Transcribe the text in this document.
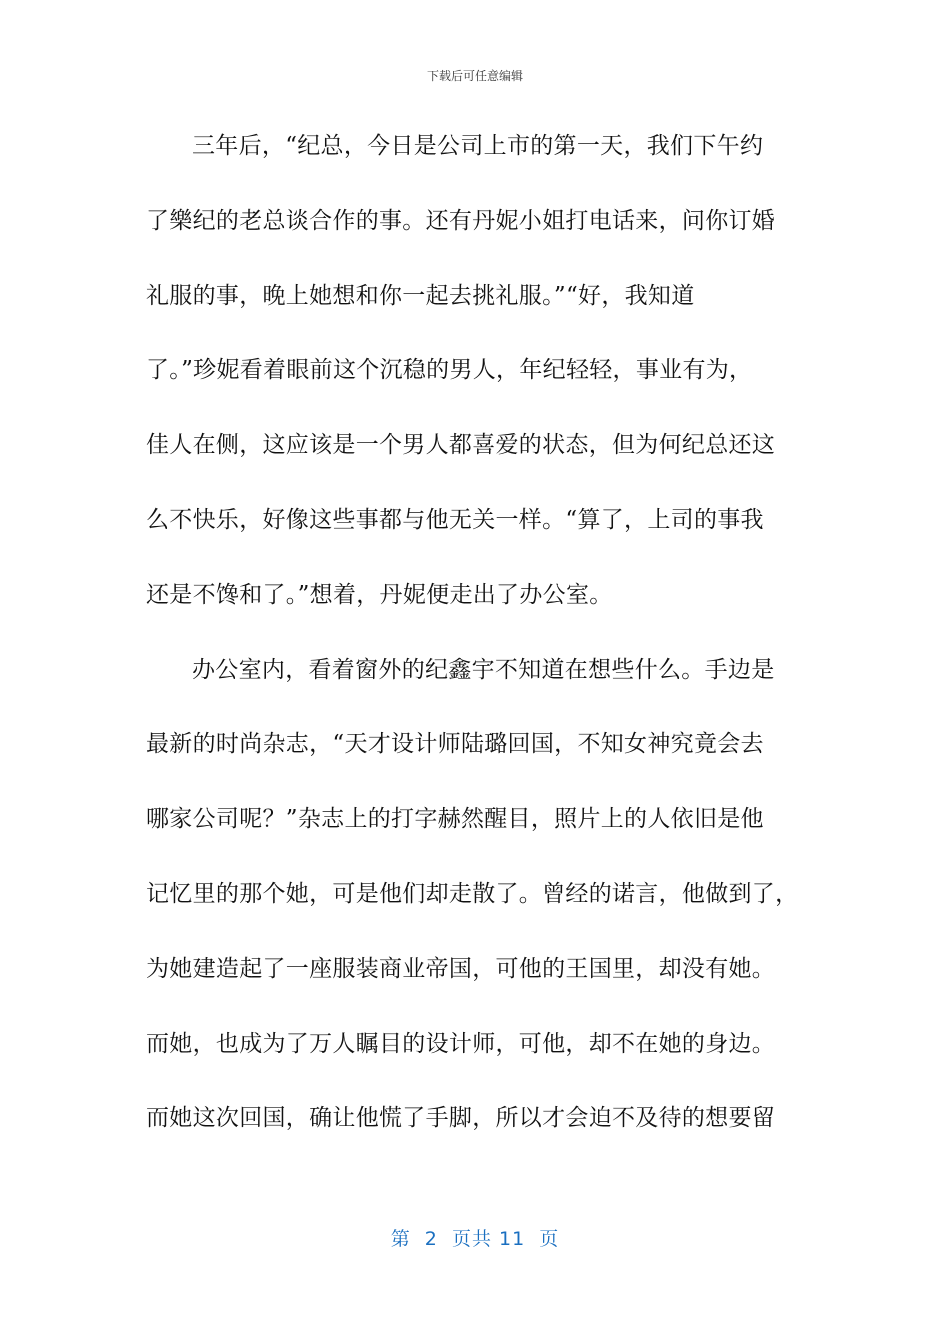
下载后可任意编辑
三年后，“纪总，今日是公司上市的第一天，我们下午约
了樂纪的老总谈合作的事。还有丹妮小姐打电话来，问你订婚
礼服的事，晚上她想和你一起去挑礼服。”“好，我知道
了。”珍妮看着眼前这个沉稳的男人，年纪轻轻，事业有为，
佳人在侧，这应该是一个男人都喜爱的状态，但为何纪总还这
么不快乐，好像这些事都与他无关一样。“算了，上司的事我
还是不馋和了。”想着，丹妮便走出了办公室。
办公室内，看着窗外的纪鑫宇不知道在想些什么。手边是
最新的时尚杂志，“天才设计师陆璐回国，不知女神究竟会去
哪家公司呢？”杂志上的打字赫然醒目，照片上的人依旧是他
记忆里的那个她，可是他们却走散了。曾经的诺言，他做到了，
为她建造起了一座服装商业帝国，可他的王国里，却没有她。
而她，也成为了万人瞩目的设计师，可他，却不在她的身边。
而她这次回国，确让他慌了手脚，所以才会迫不及待的想要留
第  2  页共 11  页
